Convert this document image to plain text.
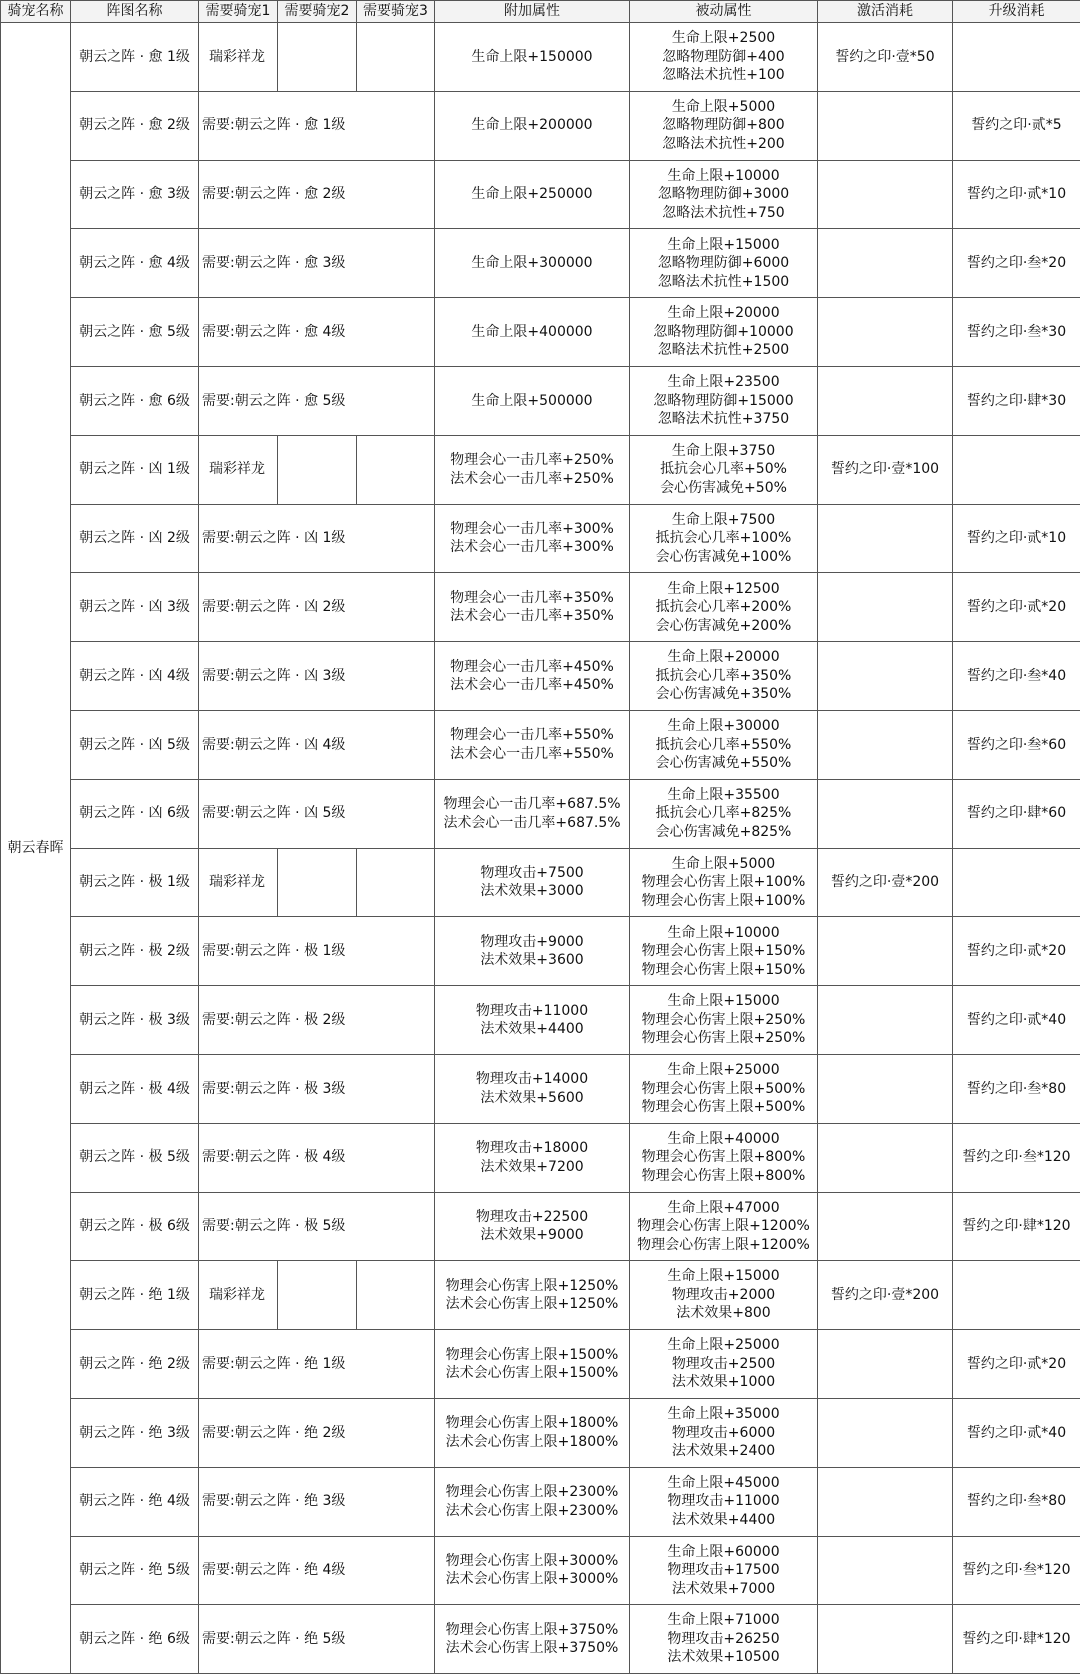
骑宠名称	阵图名称	需要骑宠1	需要骑宠2	需要骑宠3	附加属性	被动属性	激活消耗	升级消耗
朝云春晖	朝云之阵 · 愈 1级	瑞彩祥龙			生命上限+150000	生命上限+2500
忽略物理防御+400
忽略法术抗性+100	誓约之印·壹*50	
	朝云之阵 · 愈 2级	需要:朝云之阵 · 愈 1级			生命上限+200000	生命上限+5000
忽略物理防御+800
忽略法术抗性+200		誓约之印·贰*5
	朝云之阵 · 愈 3级	需要:朝云之阵 · 愈 2级			生命上限+250000	生命上限+10000
忽略物理防御+3000
忽略法术抗性+750		誓约之印·贰*10
	朝云之阵 · 愈 4级	需要:朝云之阵 · 愈 3级			生命上限+300000	生命上限+15000
忽略物理防御+6000
忽略法术抗性+1500		誓约之印·叁*20
	朝云之阵 · 愈 5级	需要:朝云之阵 · 愈 4级			生命上限+400000	生命上限+20000
忽略物理防御+10000
忽略法术抗性+2500		誓约之印·叁*30
	朝云之阵 · 愈 6级	需要:朝云之阵 · 愈 5级			生命上限+500000	生命上限+23500
忽略物理防御+15000
忽略法术抗性+3750		誓约之印·肆*30
	朝云之阵 · 凶 1级	瑞彩祥龙			物理会心一击几率+250%
法术会心一击几率+250%	生命上限+3750
抵抗会心几率+50%
会心伤害减免+50%	誓约之印·壹*100	
	朝云之阵 · 凶 2级	需要:朝云之阵 · 凶 1级			物理会心一击几率+300%
法术会心一击几率+300%	生命上限+7500
抵抗会心几率+100%
会心伤害减免+100%		誓约之印·贰*10
	朝云之阵 · 凶 3级	需要:朝云之阵 · 凶 2级			物理会心一击几率+350%
法术会心一击几率+350%	生命上限+12500
抵抗会心几率+200%
会心伤害减免+200%		誓约之印·贰*20
	朝云之阵 · 凶 4级	需要:朝云之阵 · 凶 3级			物理会心一击几率+450%
法术会心一击几率+450%	生命上限+20000
抵抗会心几率+350%
会心伤害减免+350%		誓约之印·叁*40
	朝云之阵 · 凶 5级	需要:朝云之阵 · 凶 4级			物理会心一击几率+550%
法术会心一击几率+550%	生命上限+30000
抵抗会心几率+550%
会心伤害减免+550%		誓约之印·叁*60
	朝云之阵 · 凶 6级	需要:朝云之阵 · 凶 5级			物理会心一击几率+687.5%
法术会心一击几率+687.5%	生命上限+35500
抵抗会心几率+825%
会心伤害减免+825%		誓约之印·肆*60
	朝云之阵 · 极 1级	瑞彩祥龙			物理攻击+7500
法术效果+3000	生命上限+5000
物理会心伤害上限+100%
物理会心伤害上限+100%	誓约之印·壹*200	
	朝云之阵 · 极 2级	需要:朝云之阵 · 极 1级			物理攻击+9000
法术效果+3600	生命上限+10000
物理会心伤害上限+150%
物理会心伤害上限+150%		誓约之印·贰*20
	朝云之阵 · 极 3级	需要:朝云之阵 · 极 2级			物理攻击+11000
法术效果+4400	生命上限+15000
物理会心伤害上限+250%
物理会心伤害上限+250%		誓约之印·贰*40
	朝云之阵 · 极 4级	需要:朝云之阵 · 极 3级			物理攻击+14000
法术效果+5600	生命上限+25000
物理会心伤害上限+500%
物理会心伤害上限+500%		誓约之印·叁*80
	朝云之阵 · 极 5级	需要:朝云之阵 · 极 4级			物理攻击+18000
法术效果+7200	生命上限+40000
物理会心伤害上限+800%
物理会心伤害上限+800%		誓约之印·叁*120
	朝云之阵 · 极 6级	需要:朝云之阵 · 极 5级			物理攻击+22500
法术效果+9000	生命上限+47000
物理会心伤害上限+1200%
物理会心伤害上限+1200%		誓约之印·肆*120
	朝云之阵 · 绝 1级	瑞彩祥龙			物理会心伤害上限+1250%
法术会心伤害上限+1250%	生命上限+15000
物理攻击+2000
法术效果+800	誓约之印·壹*200	
	朝云之阵 · 绝 2级	需要:朝云之阵 · 绝 1级			物理会心伤害上限+1500%
法术会心伤害上限+1500%	生命上限+25000
物理攻击+2500
法术效果+1000		誓约之印·贰*20
	朝云之阵 · 绝 3级	需要:朝云之阵 · 绝 2级			物理会心伤害上限+1800%
法术会心伤害上限+1800%	生命上限+35000
物理攻击+6000
法术效果+2400		誓约之印·贰*40
	朝云之阵 · 绝 4级	需要:朝云之阵 · 绝 3级			物理会心伤害上限+2300%
法术会心伤害上限+2300%	生命上限+45000
物理攻击+11000
法术效果+4400		誓约之印·叁*80
	朝云之阵 · 绝 5级	需要:朝云之阵 · 绝 4级			物理会心伤害上限+3000%
法术会心伤害上限+3000%	生命上限+60000
物理攻击+17500
法术效果+7000		誓约之印·叁*120
	朝云之阵 · 绝 6级	需要:朝云之阵 · 绝 5级			物理会心伤害上限+3750%
法术会心伤害上限+3750%	生命上限+71000
物理攻击+26250
法术效果+10500		誓约之印·肆*120
